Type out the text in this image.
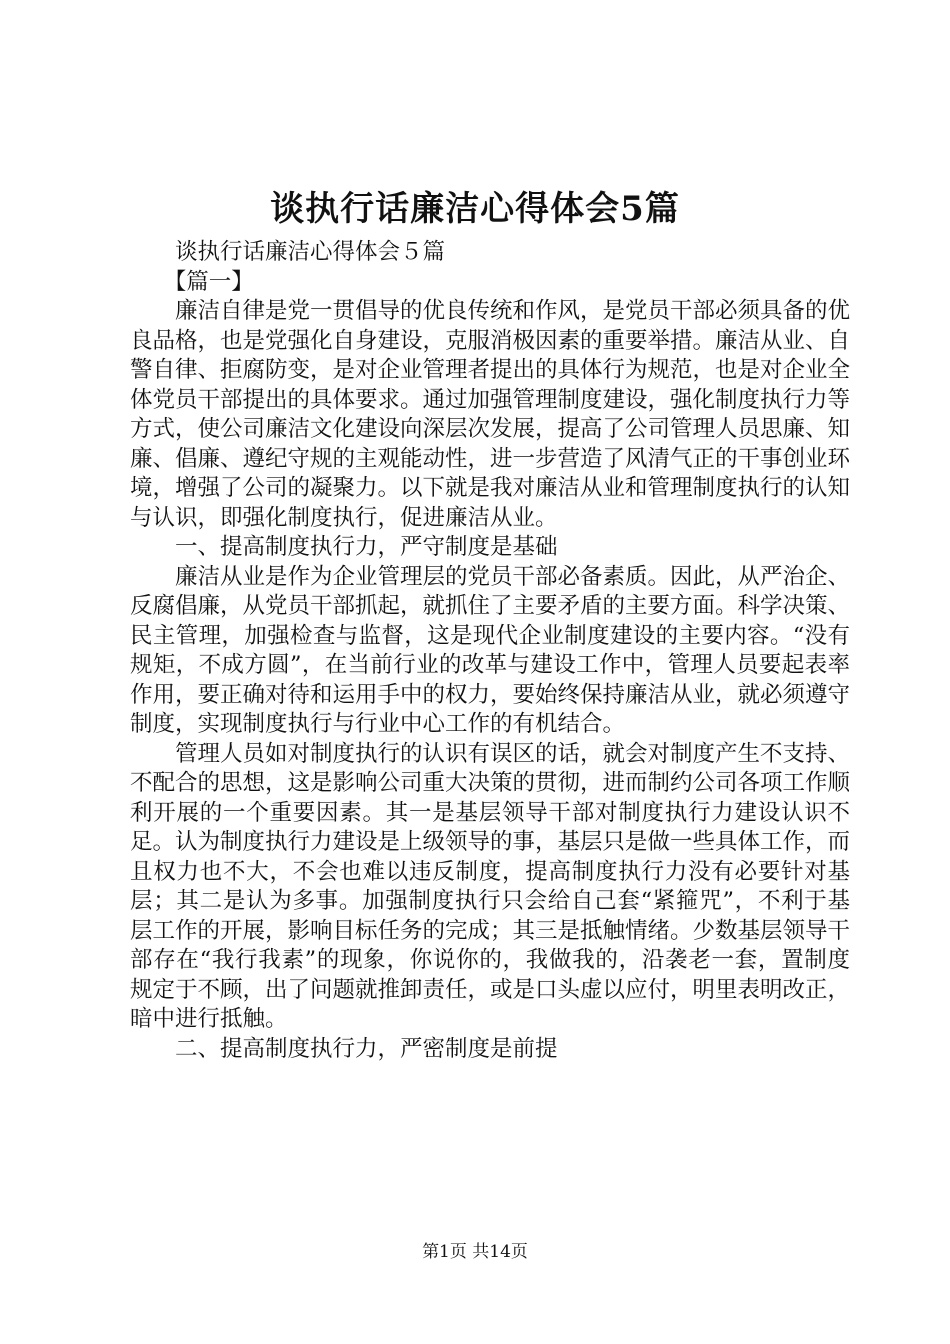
谈执行话廉洁心得体会5篇

谈执行话廉洁心得体会５篇

【篇一】

廉洁自律是党一贯倡导的优良传统和作风，是党员干部必须具备的优良品格，也是党强化自身建设，克服消极因素的重要举措。廉洁从业、自警自律、拒腐防变，是对企业管理者提出的具体行为规范，也是对企业全体党员干部提出的具体要求。通过加强管理制度建设，强化制度执行力等方式，使公司廉洁文化建设向深层次发展，提高了公司管理人员思廉、知廉、倡廉、遵纪守规的主观能动性，进一步营造了风清气正的干事创业环境，增强了公司的凝聚力。以下就是我对廉洁从业和管理制度执行的认知与认识，即强化制度执行，促进廉洁从业。

一、提高制度执行力，严守制度是基础

廉洁从业是作为企业管理层的党员干部必备素质。因此，从严治企、反腐倡廉，从党员干部抓起，就抓住了主要矛盾的主要方面。科学决策、民主管理，加强检查与监督，这是现代企业制度建设的主要内容。“没有规矩，不成方圆”，在当前行业的改革与建设工作中，管理人员要起表率作用，要正确对待和运用手中的权力，要始终保持廉洁从业，就必须遵守制度，实现制度执行与行业中心工作的有机结合。

管理人员如对制度执行的认识有误区的话，就会对制度产生不支持、不配合的思想，这是影响公司重大决策的贯彻，进而制约公司各项工作顺利开展的一个重要因素。其一是基层领导干部对制度执行力建设认识不足。认为制度执行力建设是上级领导的事，基层只是做一些具体工作，而且权力也不大，不会也难以违反制度，提高制度执行力没有必要针对基层；其二是认为多事。加强制度执行只会给自己套“紧箍咒”，不利于基层工作的开展，影响目标任务的完成；其三是抵触情绪。少数基层领导干部存在“我行我素”的现象，你说你的，我做我的，沿袭老一套，置制度规定于不顾，出了问题就推卸责任，或是口头虚以应付，明里表明改正，暗中进行抵触。

二、提高制度执行力，严密制度是前提

第1页 共14页
